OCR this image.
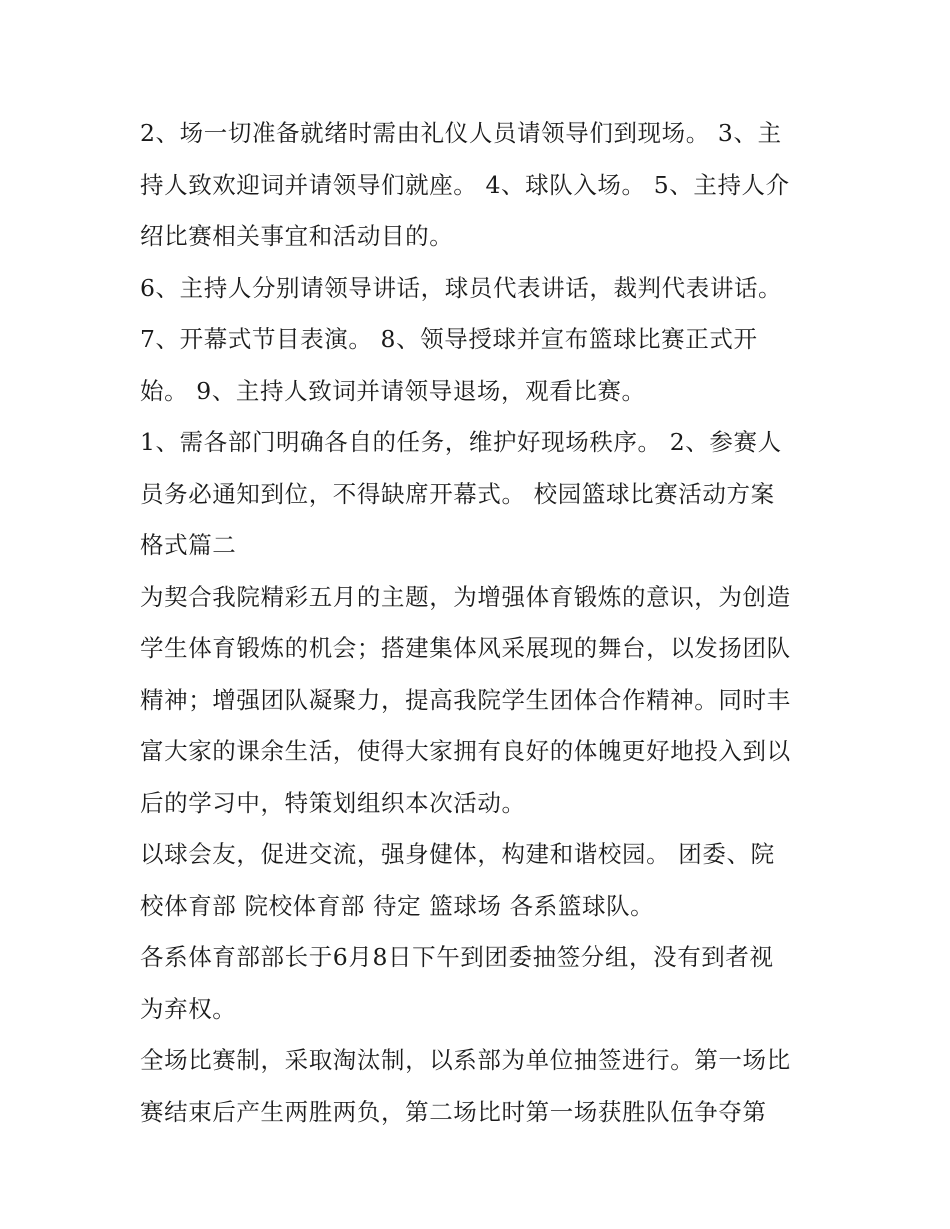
2、场一切准备就绪时需由礼仪人员请领导们到现场。 3、主
持人致欢迎词并请领导们就座。 4、球队入场。 5、主持人介
绍比赛相关事宜和活动目的。

6、主持人分别请领导讲话，球员代表讲话，裁判代表讲话。

7、开幕式节目表演。 8、领导授球并宣布篮球比赛正式开
始。 9、主持人致词并请领导退场，观看比赛。

1、需各部门明确各自的任务，维护好现场秩序。 2、参赛人
员务必通知到位，不得缺席开幕式。 校园篮球比赛活动方案
格式篇二

为契合我院精彩五月的主题，为增强体育锻炼的意识，为创造
学生体育锻炼的机会；搭建集体风采展现的舞台，以发扬团队
精神；增强团队凝聚力，提高我院学生团体合作精神。同时丰
富大家的课余生活，使得大家拥有良好的体魄更好地投入到以
后的学习中，特策划组织本次活动。

以球会友，促进交流，强身健体，构建和谐校园。 团委、院
校体育部 院校体育部 待定 篮球场 各系篮球队。

各系体育部部长于6月8日下午到团委抽签分组，没有到者视
为弃权。

全场比赛制，采取淘汰制，以系部为单位抽签进行。第一场比
赛结束后产生两胜两负，第二场比时第一场获胜队伍争夺第
